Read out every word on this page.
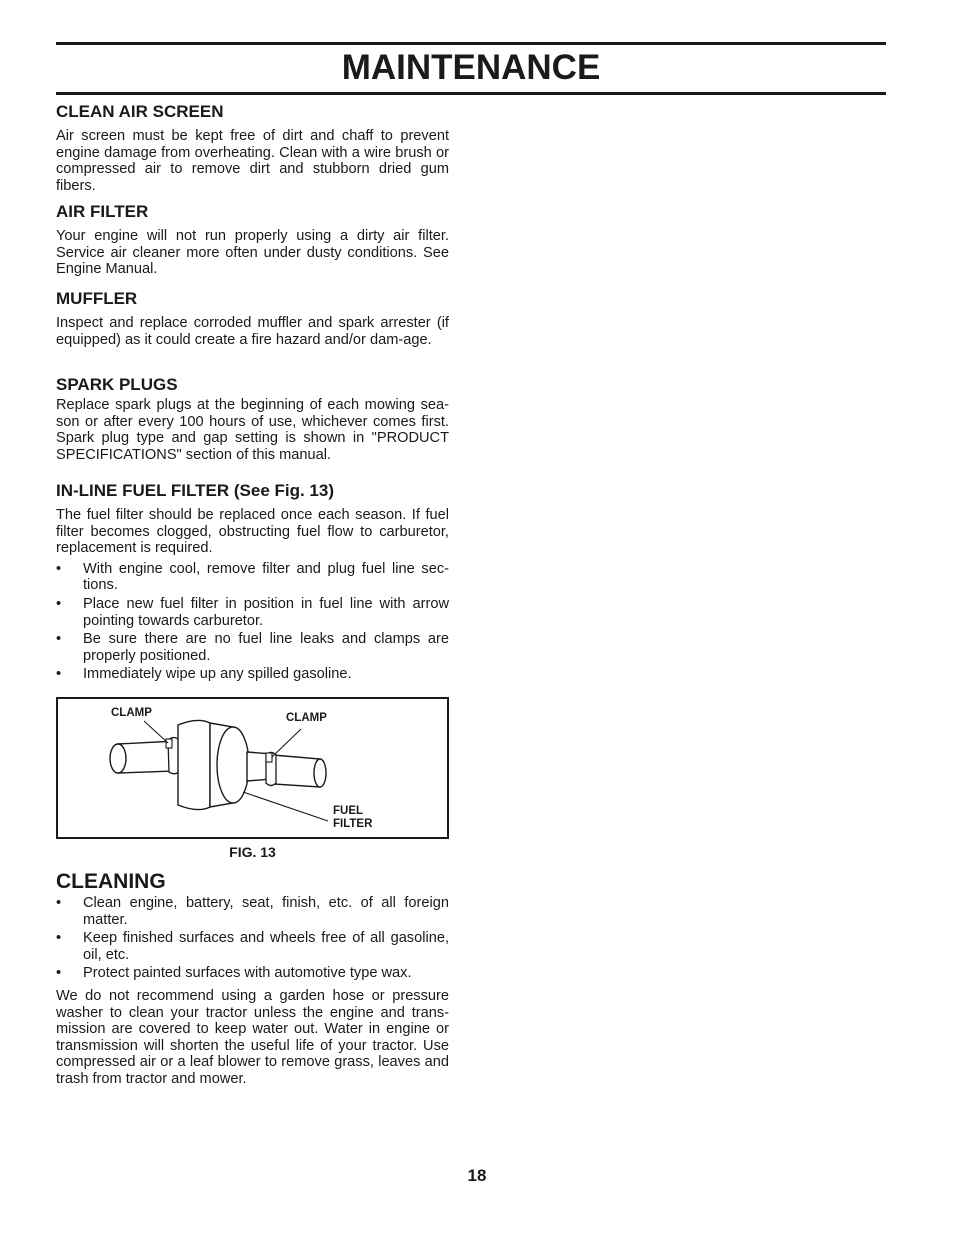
MAINTENANCE
CLEAN AIR SCREEN

Air screen must be kept free of dirt and chaff to prevent engine damage from overheating. Clean with a wire brush or compressed air to remove dirt and stubborn dried gum fibers.

AIR FILTER

Your engine will not run properly using a dirty air filter. Service air cleaner more often under dusty conditions. See Engine Manual.

MUFFLER

Inspect and replace corroded muffler and spark arrester (if equipped) as it could create a fire hazard and/or dam-age.

SPARK PLUGS

Replace spark plugs at the beginning of each mowing sea-son or after every 100 hours of use, whichever comes first. Spark plug type and gap setting is shown in "PRODUCT SPECIFICATIONS" section of this manual.

IN-LINE FUEL FILTER (See Fig. 13)

The fuel filter should be replaced once each season. If fuel filter becomes clogged, obstructing fuel flow to carburetor, replacement is required.

• With engine cool, remove filter and plug fuel line sec-tions.
• Place new fuel filter in position in fuel line with arrow pointing towards carburetor.
• Be sure there are no fuel line leaks and clamps are properly positioned.
• Immediately wipe up any spilled gasoline.
CLAMP	CLAMP
FUEL
FILTER
FIG. 13
CLEANING
• Clean engine, battery, seat, finish, etc. of all foreign matter.
• Keep finished surfaces and wheels free of all gasoline, oil, etc.
• Protect painted surfaces with automotive type wax.

We do not recommend using a garden hose or pressure washer to clean your tractor unless the engine and trans-mission are covered to keep water out. Water in engine or transmission will shorten the useful life of your tractor. Use compressed air or a leaf blower to remove grass, leaves and trash from tractor and mower.

18
